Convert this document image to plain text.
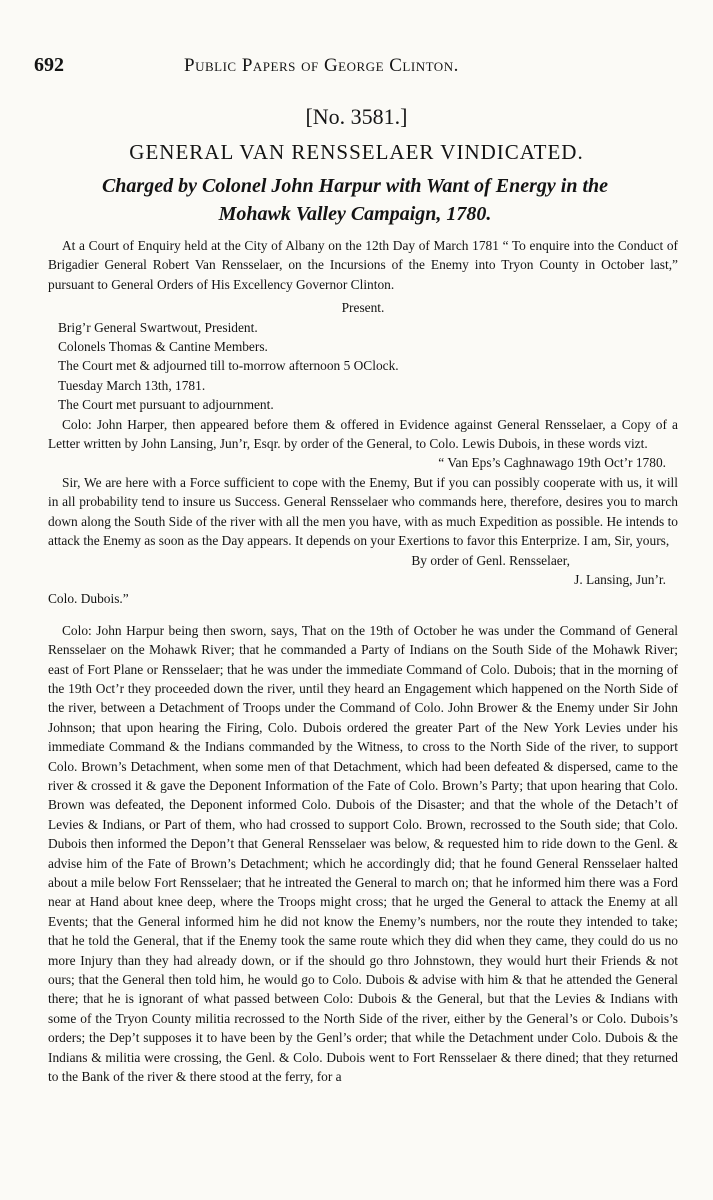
692	Public Papers of George Clinton.
[No. 3581.]
GENERAL VAN RENSSELAER VINDICATED.
Charged by Colonel John Harpur with Want of Energy in the
Mohawk Valley Campaign, 1780.

At a Court of Enquiry held at the City of Albany on the 12th Day of March 1781 “ To enquire into the Conduct of Brigadier General Robert Van Rensselaer, on the Incursions of the Enemy into Tryon County in October last,” pursuant to General Orders of His Excellency Governor Clinton.

Present.

Brig’r General Swartwout, President.

Colonels Thomas & Cantine Members.

The Court met & adjourned till to-morrow afternoon 5 OClock.

Tuesday March 13th, 1781.

The Court met pursuant to adjournment.

Colo: John Harper, then appeared before them & offered in Evidence against General Rensselaer, a Copy of a Letter written by John Lansing, Jun’r, Esqr. by order of the General, to Colo. Lewis Dubois, in these words vizt.

“ Van Eps’s Caghnawago 19th Oct’r 1780.

Sir, We are here with a Force sufficient to cope with the Enemy, But if you can possibly cooperate with us, it will in all probability tend to insure us Success. General Rensselaer who commands here, therefore, desires you to march down along the South Side of the river with all the men you have, with as much Expedition as possible. He intends to attack the Enemy as soon as the Day appears. It depends on your Exertions to favor this Enterprize. I am, Sir, yours,

By order of Genl. Rensselaer,

J. Lansing, Jun’r.

Colo. Dubois.”

Colo: John Harpur being then sworn, says, That on the 19th of October he was under the Command of General Rensselaer on the Mohawk River; that he commanded a Party of Indians on the South Side of the Mohawk River; east of Fort Plane or Rensselaer; that he was under the immediate Command of Colo. Dubois; that in the morning of the 19th Oct’r they proceeded down the river, until they heard an Engagement which happened on the North Side of the river, between a Detachment of Troops under the Command of Colo. John Brower & the Enemy under Sir John Johnson; that upon hearing the Firing, Colo. Dubois ordered the greater Part of the New York Levies under his immediate Command & the Indians commanded by the Witness, to cross to the North Side of the river, to support Colo. Brown’s Detachment, when some men of that Detachment, which had been defeated & dispersed, came to the river & crossed it & gave the Deponent Information of the Fate of Colo. Brown’s Party; that upon hearing that Colo. Brown was defeated, the Deponent informed Colo. Dubois of the Disaster; and that the whole of the Detach’t of Levies & Indians, or Part of them, who had crossed to support Colo. Brown, recrossed to the South side; that Colo. Dubois then informed the Depon’t that General Rensselaer was below, & requested him to ride down to the Genl. & advise him of the Fate of Brown’s Detachment; which he accordingly did; that he found General Rensselaer halted about a mile below Fort Rensselaer; that he intreated the General to march on; that he informed him there was a Ford near at Hand about knee deep, where the Troops might cross; that he urged the General to attack the Enemy at all Events; that the General informed him he did not know the Enemy’s numbers, nor the route they intended to take; that he told the General, that if the Enemy took the same route which they did when they came, they could do us no more Injury than they had already down, or if the should go thro Johnstown, they would hurt their Friends & not ours; that the General then told him, he would go to Colo. Dubois & advise with him & that he attended the General there; that he is ignorant of what passed between Colo: Dubois & the General, but that the Levies & Indians with some of the Tryon County militia recrossed to the North Side of the river, either by the General’s or Colo. Dubois’s orders; the Dep’t supposes it to have been by the Genl’s order; that while the Detachment under Colo. Dubois & the Indians & militia were crossing, the Genl. & Colo. Dubois went to Fort Rensselaer & there dined; that they returned to the Bank of the river & there stood at the ferry, for a
